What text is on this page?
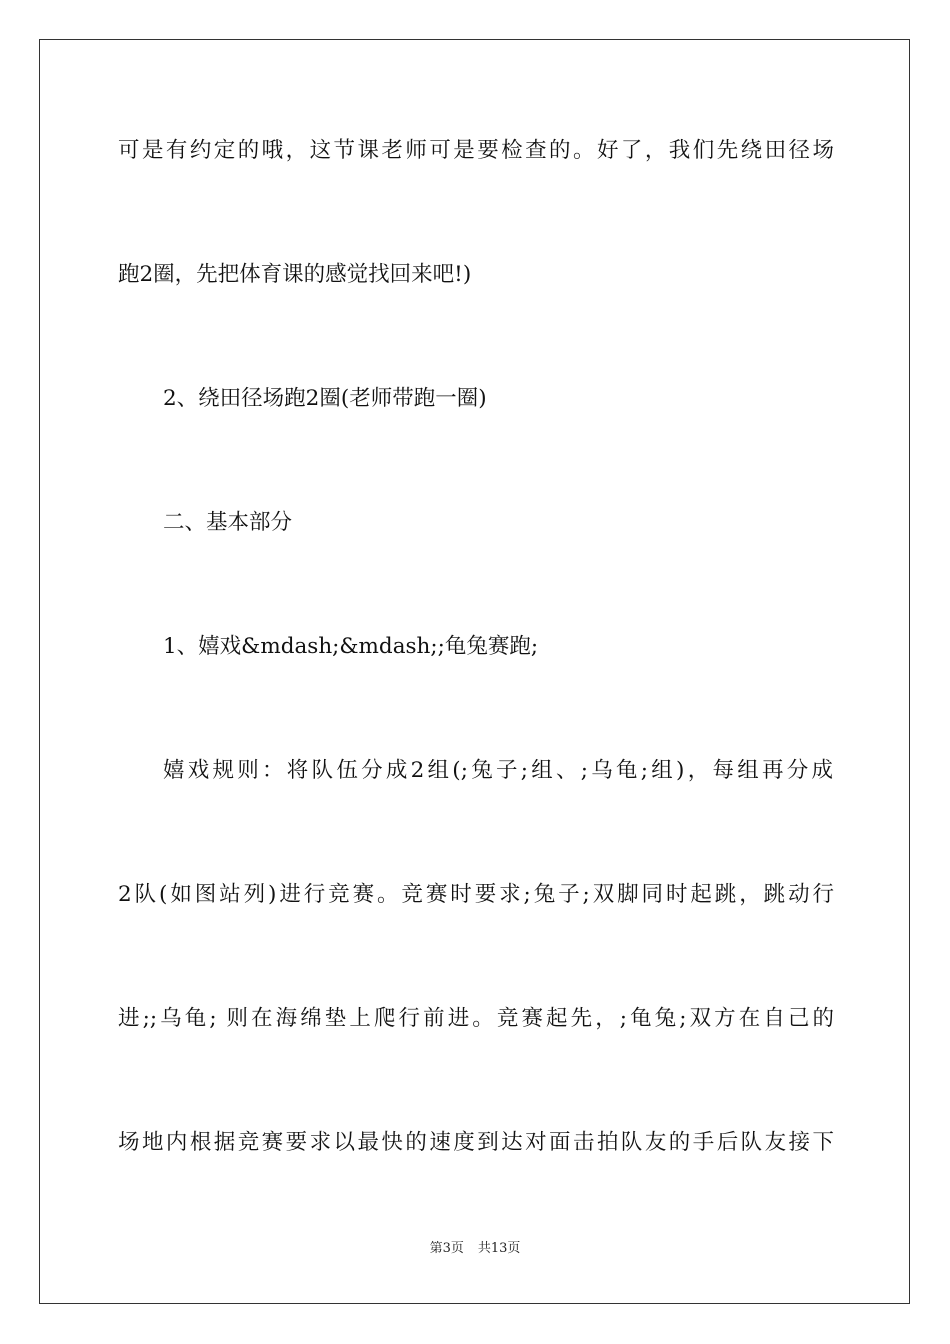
可是有约定的哦，这节课老师可是要检查的。好了，我们先绕田径场
跑2圈，先把体育课的感觉找回来吧!)
2、绕田径场跑2圈(老师带跑一圈)
二、基本部分
1、嬉戏&mdash;&mdash;;龟兔赛跑;
嬉戏规则：将队伍分成2组(;兔子;组、;乌龟;组)，每组再分成
2队(如图站列)进行竞赛。竞赛时要求;兔子;双脚同时起跳，跳动行
进;;乌龟; 则在海绵垫上爬行前进。竞赛起先，;龟兔;双方在自己的
场地内根据竞赛要求以最快的速度到达对面击拍队友的手后队友接下
第3页 共13页
